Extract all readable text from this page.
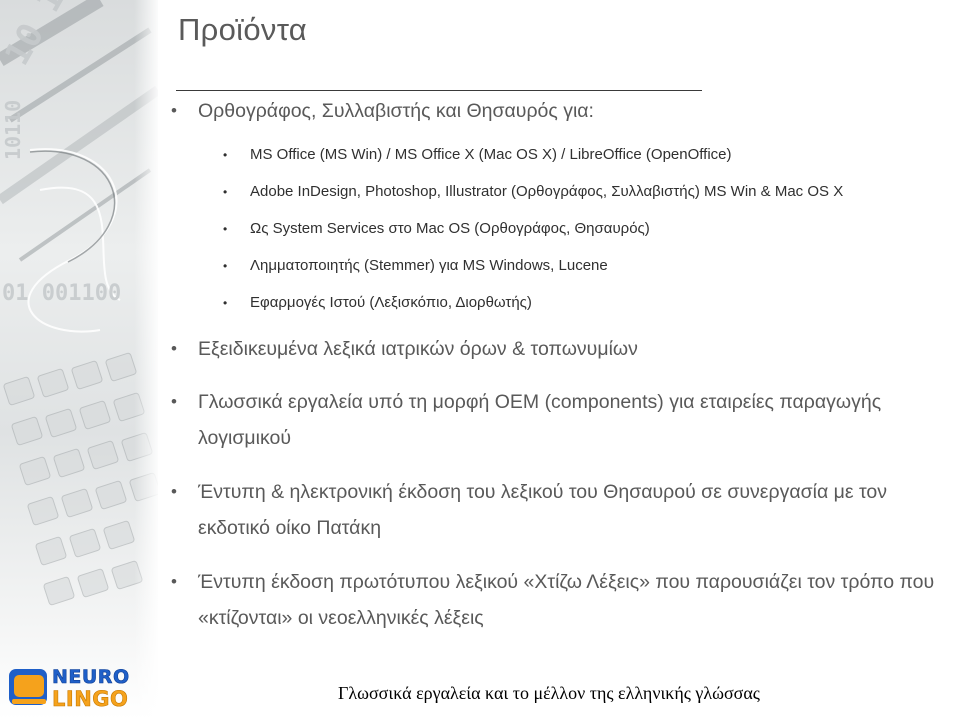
NEURO
LINGO
Προϊόντα
• Ορθογράφος, Συλλαβιστής και Θησαυρός για:
• MS Office (MS Win) / MS Office X (Mac OS X) / LibreOffice (OpenOffice)
• Adobe InDesign, Photoshop, Illustrator (Ορθογράφος, Συλλαβιστής) MS Win & Mac OS X
• Ως System Services στο Mac OS (Ορθογράφος, Θησαυρός)
• Λημματοποιητής (Stemmer) για MS Windows, Lucene
• Εφαρμογές Ιστού (Λεξισκόπιο, Διορθωτής)
• Εξειδικευμένα λεξικά ιατρικών όρων & τοπωνυμίων
• Γλωσσικά εργαλεία υπό τη μορφή OEM (components) για εταιρείες παραγωγής λογισμικού
• Έντυπη & ηλεκτρονική έκδοση του λεξικού του Θησαυρού σε συνεργασία με τον εκδοτικό οίκο Πατάκη
• Έντυπη έκδοση πρωτότυπου λεξικού «Χτίζω Λέξεις» που παρουσιάζει τον τρόπο που «κτίζονται» οι νεοελληνικές λέξεις
Γλωσσικά εργαλεία και το μέλλον της ελληνικής γλώσσας
